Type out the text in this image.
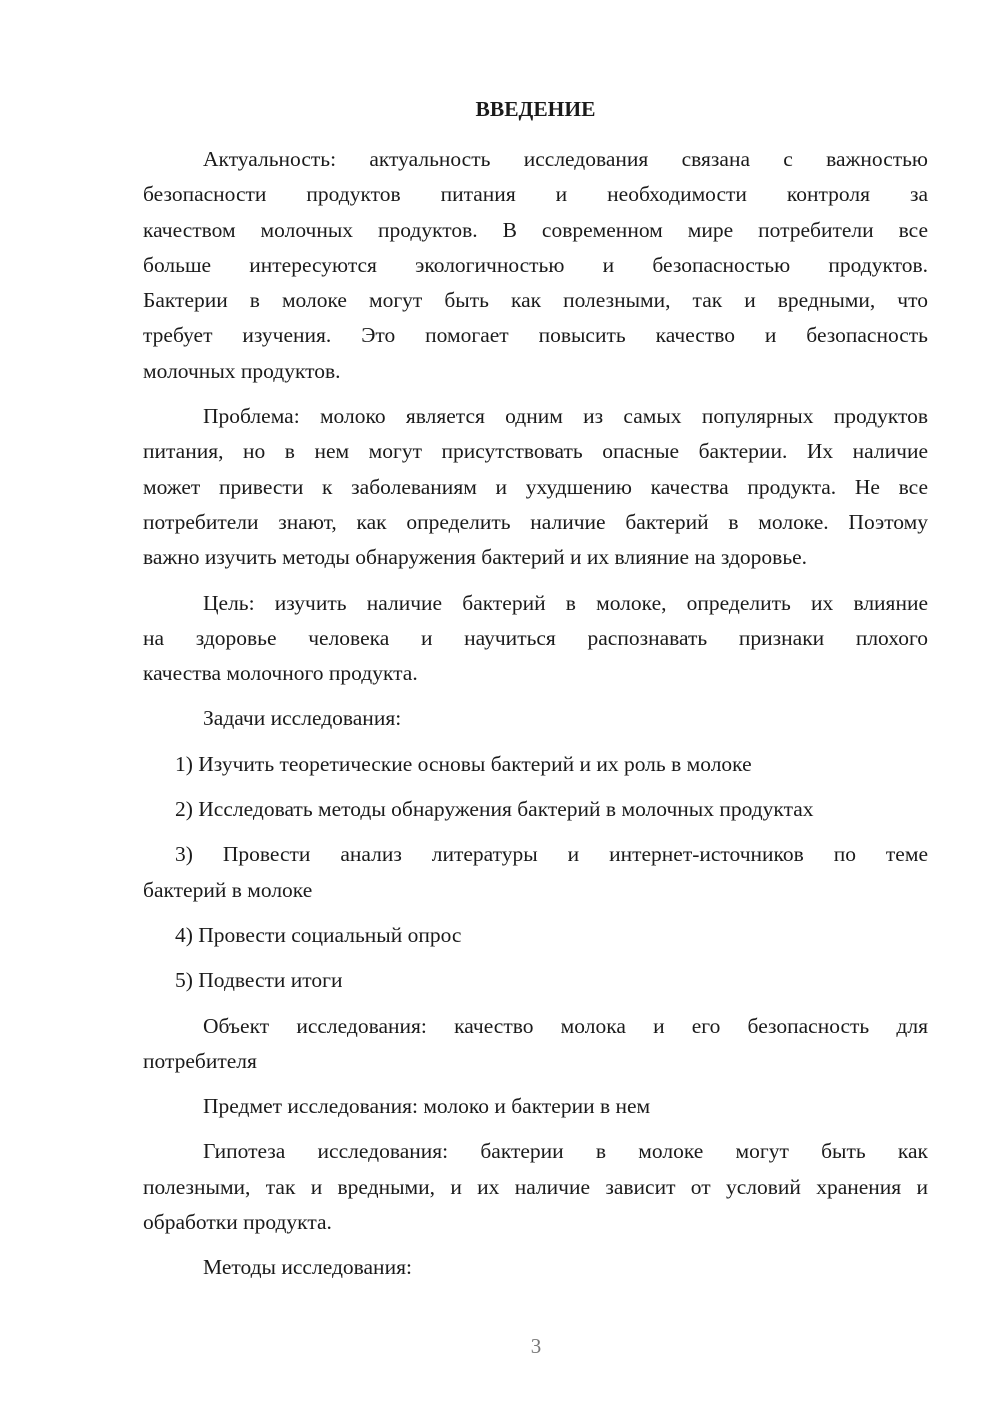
ВВЕДЕНИЕ
Актуальность: актуальность исследования связана с важностью
безопасности продуктов питания и необходимости контроля за
качеством молочных продуктов. В современном мире потребители все
больше интересуются экологичностью и безопасностью продуктов.
Бактерии в молоке могут быть как полезными, так и вредными, что
требует изучения. Это помогает повысить качество и безопасность
молочных продуктов.
Проблема: молоко является одним из самых популярных продуктов
питания, но в нем могут присутствовать опасные бактерии. Их наличие
может привести к заболеваниям и ухудшению качества продукта. Не все
потребители знают, как определить наличие бактерий в молоке. Поэтому
важно изучить методы обнаружения бактерий и их влияние на здоровье.
Цель: изучить наличие бактерий в молоке, определить их влияние
на здоровье человека и научиться распознавать признаки плохого
качества молочного продукта.
Задачи исследования:
1) Изучить теоретические основы бактерий и их роль в молоке
2) Исследовать методы обнаружения бактерий в молочных продуктах
3) Провести анализ литературы и интернет-источников по теме
бактерий в молоке
4) Провести социальный опрос
5) Подвести итоги
Объект исследования: качество молока и его безопасность для
потребителя
Предмет исследования: молоко и бактерии в нем
Гипотеза исследования: бактерии в молоке могут быть как
полезными, так и вредными, и их наличие зависит от условий хранения и
обработки продукта.
Методы исследования:
3
